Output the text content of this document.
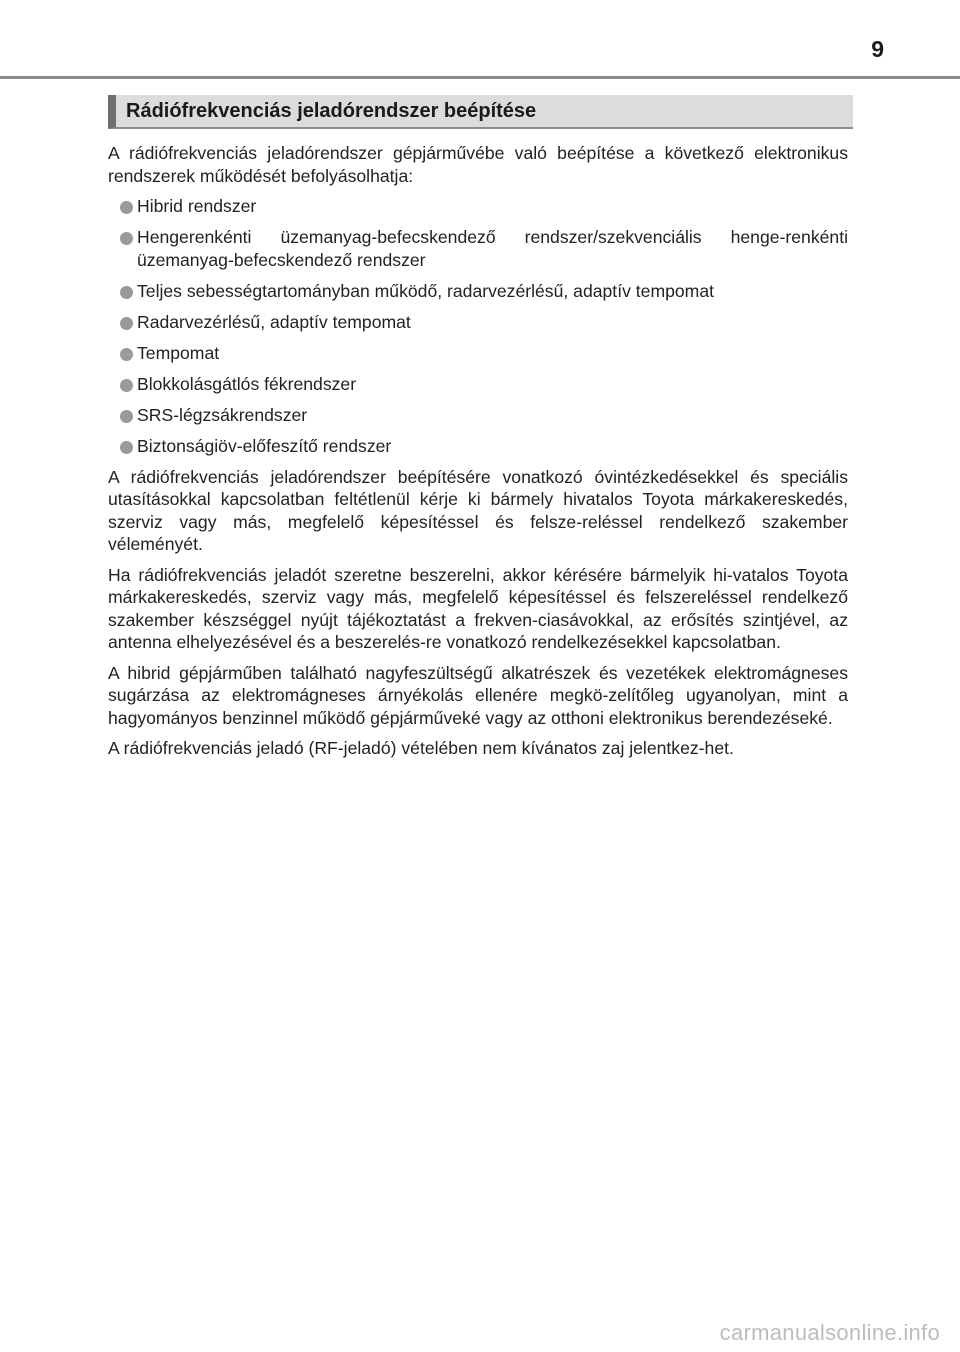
9
Rádiófrekvenciás jeladórendszer beépítése

A rádiófrekvenciás jeladórendszer gépjárművébe való beépítése a következő elektronikus rendszerek működését befolyásolhatja:

Hibrid rendszer
Hengerenkénti üzemanyag-befecskendező rendszer/szekvenciális henge-renkénti üzemanyag-befecskendező rendszer
Teljes sebességtartományban működő, radarvezérlésű, adaptív tempomat
Radarvezérlésű, adaptív tempomat
Tempomat
Blokkolásgátlós fékrendszer
SRS-légzsákrendszer
Biztonságiöv-előfeszítő rendszer

A rádiófrekvenciás jeladórendszer beépítésére vonatkozó óvintézkedésekkel és speciális utasításokkal kapcsolatban feltétlenül kérje ki bármely hivatalos Toyota márkakereskedés, szerviz vagy más, megfelelő képesítéssel és felsze-reléssel rendelkező szakember véleményét.

Ha rádiófrekvenciás jeladót szeretne beszerelni, akkor kérésére bármelyik hi-vatalos Toyota márkakereskedés, szerviz vagy más, megfelelő képesítéssel és felszereléssel rendelkező szakember készséggel nyújt tájékoztatást a frekven-ciasávokkal, az erősítés szintjével, az antenna elhelyezésével és a beszerelés-re vonatkozó rendelkezésekkel kapcsolatban.

A hibrid gépjárműben található nagyfeszültségű alkatrészek és vezetékek elektromágneses sugárzása az elektromágneses árnyékolás ellenére megkö-zelítőleg ugyanolyan, mint a hagyományos benzinnel működő gépjárműveké vagy az otthoni elektronikus berendezéseké.

A rádiófrekvenciás jeladó (RF-jeladó) vételében nem kívánatos zaj jelentkez-het.

carmanualsonline.info
